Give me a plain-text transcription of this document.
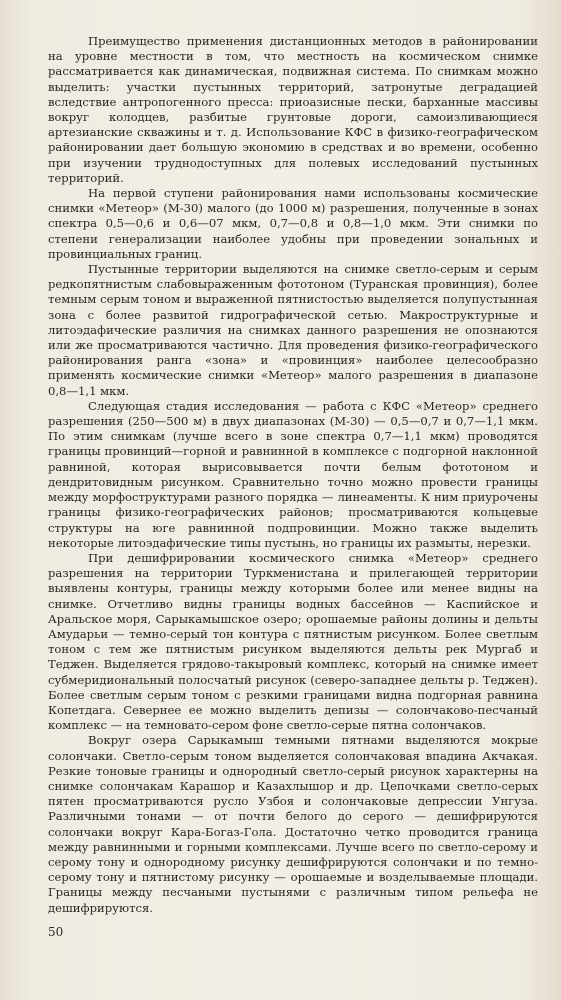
Преимущество применения дистанционных методов в районировании на уровне местности в том, что местность на космическом снимке рассматривается как динамическая, подвижная система. По снимкам можно выделить: участки пустынных территорий, затронутые деградацией вследствие антропогенного пресса: приоазисные пески, барханные массивы вокруг колодцев, разбитые грунтовые дороги, самоизливающиеся артезианские скважины и т. д. Использование КФС в физико-географическом районировании дает большую экономию в средствах и во времени, особенно при изучении труднодоступных для полевых исследований пустынных территорий.

На первой ступени районирования нами использованы космические снимки «Метеор» (М-30) малого (до 1000 м) разрешения, полученные в зонах спектра 0,5—0,6 и 0,6—07 мкм, 0,7—0,8 и 0,8—1,0 мкм. Эти снимки по степени генерализации наиболее удобны при проведении зональных и провинциальных границ.

Пустынные территории выделяются на снимке светло-серым и серым редкопятнистым слабовыраженным фототоном (Туранская провинция), более темным серым тоном и выраженной пятнистостью выделяется полупустынная зона с более развитой гидрографической сетью. Макроструктурные и литоэдафические различия на снимках данного разрешения не опознаются или же просматриваются частично. Для проведения физико-географического районирования ранга «зона» и «провинция» наиболее целесообразно применять космические снимки «Метеор» малого разрешения в диапазоне 0,8—1,1 мкм.

Следующая стадия исследования — работа с КФС «Метеор» среднего разрешения (250—500 м) в двух диапазонах (М-30) — 0,5—0,7 и 0,7—1,1 мкм. По этим снимкам (лучше всего в зоне спектра 0,7—1,1 мкм) проводятся границы провинций—горной и равнинной в комплексе с подгорной наклонной равниной, которая вырисовывается почти белым фототоном и дендритовидным рисунком. Сравнительно точно можно провести границы между морфоструктурами разного порядка — линеаменты. К ним приурочены границы физико-географических районов; просматриваются кольцевые структуры на юге равнинной подпровинции. Можно также выделить некоторые литоэдафические типы пустынь, но границы их размыты, нерезки.

При дешифрировании космического снимка «Метеор» среднего разрешения на территории Туркменистана и прилегающей территории выявлены контуры, границы между которыми более или менее видны на снимке. Отчетливо видны границы водных бассейнов — Каспийское и Аральское моря, Сарыкамышское озеро; орошаемые районы долины и дельты Амударьи — темно-серый тон контура с пятнистым рисунком. Более светлым тоном с тем же пятнистым рисунком выделяются дельты рек Мургаб и Теджен. Выделяется грядово-такыровый комплекс, который на снимке имеет субмеридиональный полосчатый рисунок (северо-западнее дельты р. Теджен). Более светлым серым тоном с резкими границами видна подгорная равнина Копетдага. Севернее ее можно выделить депизы — солончаково-песчаный комплекс — на темновато-сером фоне светло-серые пятна солончаков.

Вокруг озера Сарыкамыш темными пятнами выделяются мокрые солончаки. Светло-серым тоном выделяется солончаковая впадина Акчакая. Резкие тоновые границы и однородный светло-серый рисунок характерны на снимке солончакам Карашор и Казахлышор и др. Цепочками светло-серых пятен просматриваются русло Узбоя и солончаковые депрессии Унгуза. Различными тонами — от почти белого до серого — дешифрируются солончаки вокруг Кара-Богаз-Гола. Достаточно четко проводится граница между равнинными и горными комплексами. Лучше всего по светло-серому и серому тону и однородному рисунку дешифрируются солончаки и по темно-серому тону и пятнистому рисунку — орошаемые и возделываемые площади. Границы между песчаными пустынями с различным типом рельефа не дешифрируются.

50
